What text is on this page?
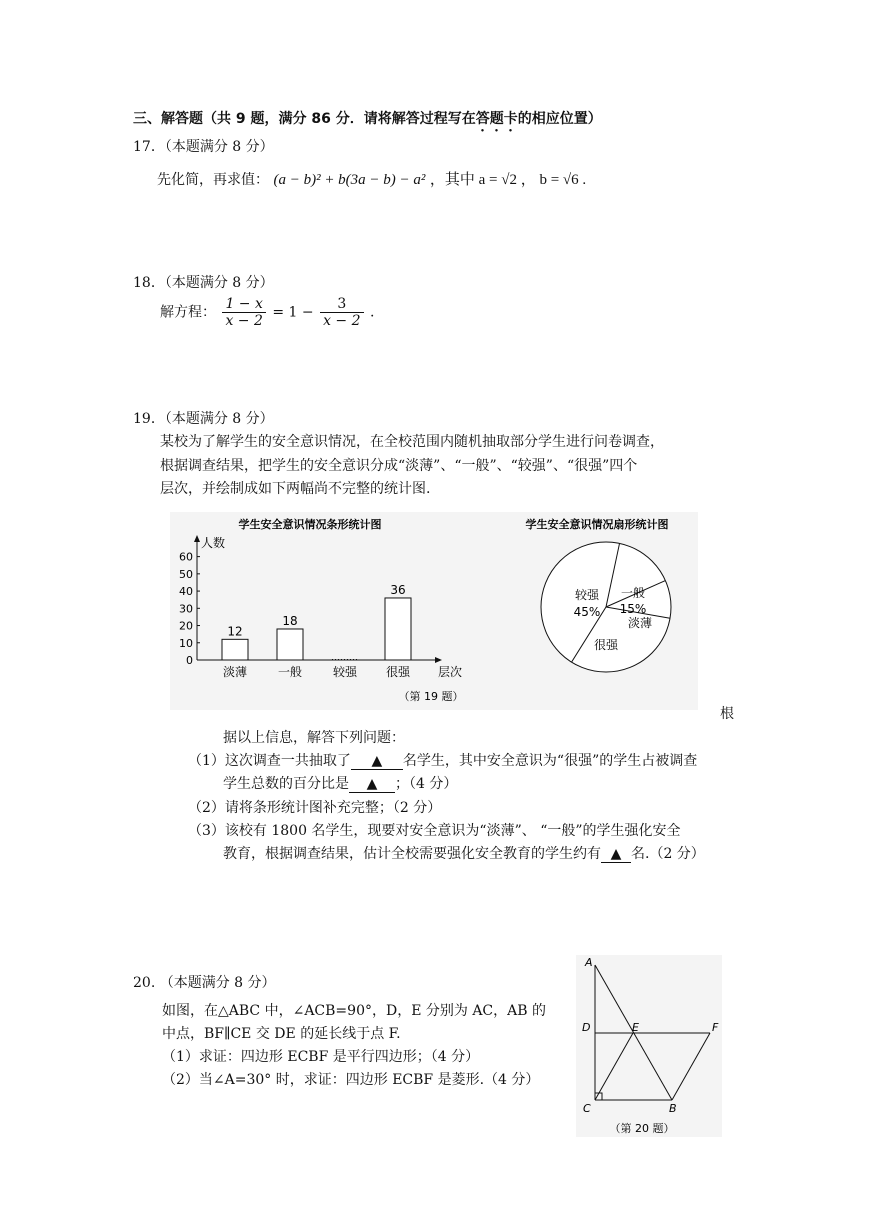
三、解答题（共 9 题，满分 86 分．请将解答过程写在答题卡的相应位置）
17．（本题满分 8 分）
先化简，再求值： (a − b)² + b(3a − b) − a² ，其中 a = √2 ， b = √6 .
18．（本题满分 8 分）
解方程： $\frac{1 - x}{x - 2} = 1 - \frac{3}{x - 2}$ .
19．（本题满分 8 分）
某校为了解学生的安全意识情况，在全校范围内随机抽取部分学生进行问卷调查，
根据调查结果，把学生的安全意识分成“淡薄”、“一般”、“较强”、“很强”四个
层次，并绘制成如下两幅尚不完整的统计图.
学生安全意识情况条形统计图
人数
层次
0
10
20
30
40
50
60
淡薄	一般	较强 很强
12
18
36
学生安全意识情况扇形统计图
较强
45%
一般
15%
淡薄
很强
（第 19 题）
根
据以上信息，解答下列问题：
（1）这次调查一共抽取了 ▲ 名学生，其中安全意识为“很强”的学生占被调查
学生总数的百分比是 ▲ ；（4 分）
（2）请将条形统计图补充完整；（2 分）
（3）该校有 1800 名学生，现要对安全意识为“淡薄”、 “一般”的学生强化安全
教育，根据调查结果，估计全校需要强化安全教育的学生约有 ▲ 名.（2 分）
20. （本题满分 8 分）
如图，在△ABC 中，∠ACB=90°，D，E 分别为 AC，AB 的
中点，BF∥CE 交 DE 的延长线于点 F.
（1）求证：四边形 ECBF 是平行四边形；（4 分）
（2）当∠A=30° 时，求证：四边形 ECBF 是菱形.（4 分）
A
D	E	F
C	B
（第 20 题）
